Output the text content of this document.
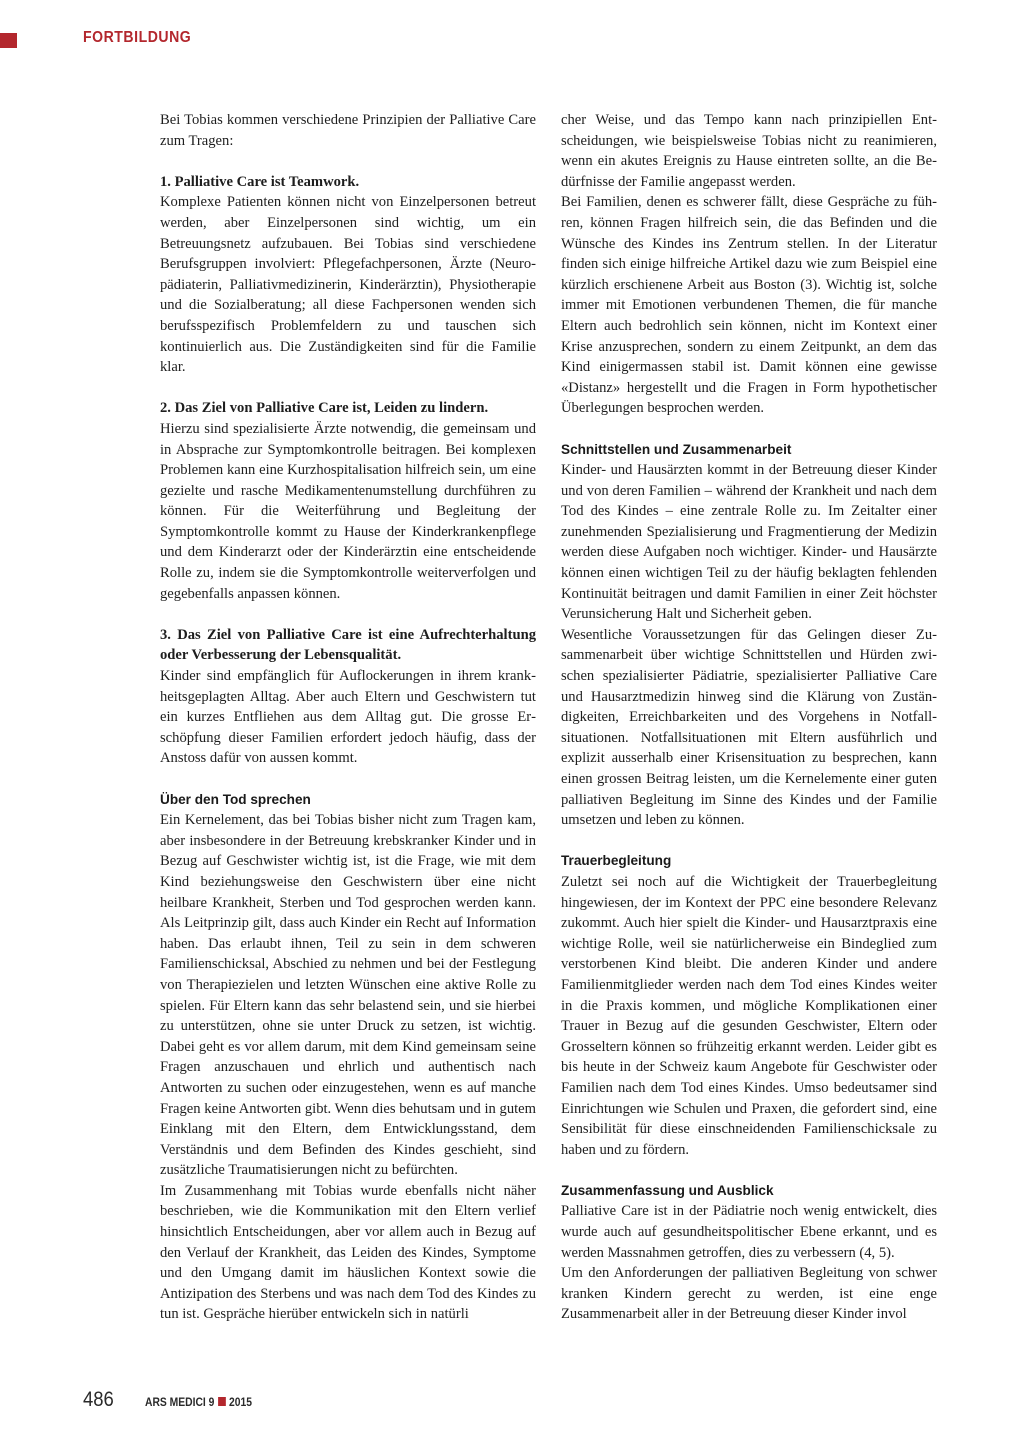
FORTBILDUNG

Bei Tobias kommen verschiedene Prinzipien der Palliative Care zum Tragen:

1. Palliative Care ist Teamwork.

Komplexe Patienten können nicht von Einzelpersonen betreut werden, aber Einzelpersonen sind wichtig, um ein Betreuungsnetz aufzubauen. Bei Tobias sind verschiedene Berufsgruppen involviert: Pflegefachpersonen, Ärzte (Neuropädiaterin, Palliativmedizinerin, Kinderärztin), Physiotherapie und die Sozialberatung; all diese Fachpersonen wenden sich berufsspezifisch Problemfeldern zu und tauschen sich kontinuierlich aus. Die Zuständigkeiten sind für die Familie klar.

2. Das Ziel von Palliative Care ist, Leiden zu lindern.

Hierzu sind spezialisierte Ärzte notwendig, die gemeinsam und in Absprache zur Symptomkontrolle beitragen. Bei komplexen Problemen kann eine Kurzhospitalisation hilfreich sein, um eine gezielte und rasche Medikamentenumstellung durchführen zu können. Für die Weiterführung und Begleitung der Symptomkontrolle kommt zu Hause der Kinderkrankenpflege und dem Kinderarzt oder der Kinderärztin eine entscheidende Rolle zu, indem sie die Symptomkontrolle weiterverfolgen und gegebenfalls anpassen können.

3. Das Ziel von Palliative Care ist eine Aufrechterhaltung oder Verbesserung der Lebensqualität.

Kinder sind empfänglich für Auflockerungen in ihrem krankheitsgeplagten Alltag. Aber auch Eltern und Geschwistern tut ein kurzes Entfliehen aus dem Alltag gut. Die grosse Erschöpfung dieser Familien erfordert jedoch häufig, dass der Anstoss dafür von aussen kommt.

Über den Tod sprechen

Ein Kernelement, das bei Tobias bisher nicht zum Tragen kam, aber insbesondere in der Betreuung krebskranker Kinder und in Bezug auf Geschwister wichtig ist, ist die Frage, wie mit dem Kind beziehungsweise den Geschwistern über eine nicht heilbare Krankheit, Sterben und Tod gesprochen werden kann. Als Leitprinzip gilt, dass auch Kinder ein Recht auf Information haben. Das erlaubt ihnen, Teil zu sein in dem schweren Familienschicksal, Abschied zu nehmen und bei der Festlegung von Therapiezielen und letzten Wünschen eine aktive Rolle zu spielen. Für Eltern kann das sehr belastend sein, und sie hierbei zu unterstützen, ohne sie unter Druck zu setzen, ist wichtig. Dabei geht es vor allem darum, mit dem Kind gemeinsam seine Fragen anzuschauen und ehrlich und authentisch nach Antworten zu suchen oder einzugestehen, wenn es auf manche Fragen keine Antworten gibt. Wenn dies behutsam und in gutem Einklang mit den Eltern, dem Entwicklungsstand, dem Verständnis und dem Befinden des Kindes geschieht, sind zusätzliche Traumatisierungen nicht zu befürchten.

Im Zusammenhang mit Tobias wurde ebenfalls nicht näher beschrieben, wie die Kommunikation mit den Eltern verlief hinsichtlich Entscheidungen, aber vor allem auch in Bezug auf den Verlauf der Krankheit, das Leiden des Kindes, Symptome und den Umgang damit im häuslichen Kontext sowie die Antizipation des Sterbens und was nach dem Tod des Kindes zu tun ist. Gespräche hierüber entwickeln sich in natürli

cher Weise, und das Tempo kann nach prinzipiellen Entscheidungen, wie beispielsweise Tobias nicht zu reanimieren, wenn ein akutes Ereignis zu Hause eintreten sollte, an die Bedürfnisse der Familie angepasst werden.

Bei Familien, denen es schwerer fällt, diese Gespräche zu führen, können Fragen hilfreich sein, die das Befinden und die Wünsche des Kindes ins Zentrum stellen. In der Literatur finden sich einige hilfreiche Artikel dazu wie zum Beispiel eine kürzlich erschienene Arbeit aus Boston (3). Wichtig ist, solche immer mit Emotionen verbundenen Themen, die für manche Eltern auch bedrohlich sein können, nicht im Kontext einer Krise anzusprechen, sondern zu einem Zeitpunkt, an dem das Kind einigermassen stabil ist. Damit können eine gewisse «Distanz» hergestellt und die Fragen in Form hypothetischer Überlegungen besprochen werden.

Schnittstellen und Zusammenarbeit

Kinder- und Hausärzten kommt in der Betreuung dieser Kinder und von deren Familien – während der Krankheit und nach dem Tod des Kindes – eine zentrale Rolle zu. Im Zeitalter einer zunehmenden Spezialisierung und Fragmentierung der Medizin werden diese Aufgaben noch wichtiger. Kinder- und Hausärzte können einen wichtigen Teil zu der häufig beklagten fehlenden Kontinuität beitragen und damit Familien in einer Zeit höchster Verunsicherung Halt und Sicherheit geben.

Wesentliche Voraussetzungen für das Gelingen dieser Zusammenarbeit über wichtige Schnittstellen und Hürden zwischen spezialisierter Pädiatrie, spezialisierter Palliative Care und Hausarztmedizin hinweg sind die Klärung von Zuständigkeiten, Erreichbarkeiten und des Vorgehens in Notfallsituationen. Notfallsituationen mit Eltern ausführlich und explizit ausserhalb einer Krisensituation zu besprechen, kann einen grossen Beitrag leisten, um die Kernelemente einer guten palliativen Begleitung im Sinne des Kindes und der Familie umsetzen und leben zu können.

Trauerbegleitung

Zuletzt sei noch auf die Wichtigkeit der Trauerbegleitung hingewiesen, der im Kontext der PPC eine besondere Relevanz zukommt. Auch hier spielt die Kinder- und Hausarztpraxis eine wichtige Rolle, weil sie natürlicherweise ein Bindeglied zum verstorbenen Kind bleibt. Die anderen Kinder und andere Familienmitglieder werden nach dem Tod eines Kindes weiter in die Praxis kommen, und mögliche Komplikationen einer Trauer in Bezug auf die gesunden Geschwister, Eltern oder Grosseltern können so frühzeitig erkannt werden. Leider gibt es bis heute in der Schweiz kaum Angebote für Geschwister oder Familien nach dem Tod eines Kindes. Umso bedeutsamer sind Einrichtungen wie Schulen und Praxen, die gefordert sind, eine Sensibilität für diese einschneidenden Familienschicksale zu haben und zu fördern.

Zusammenfassung und Ausblick

Palliative Care ist in der Pädiatrie noch wenig entwickelt, dies wurde auch auf gesundheitspolitischer Ebene erkannt, und es werden Massnahmen getroffen, dies zu verbessern (4, 5).

Um den Anforderungen der palliativen Begleitung von schwer kranken Kindern gerecht zu werden, ist eine enge Zusammenarbeit aller in der Betreuung dieser Kinder invol

486	ARS MEDICI 9 2015
